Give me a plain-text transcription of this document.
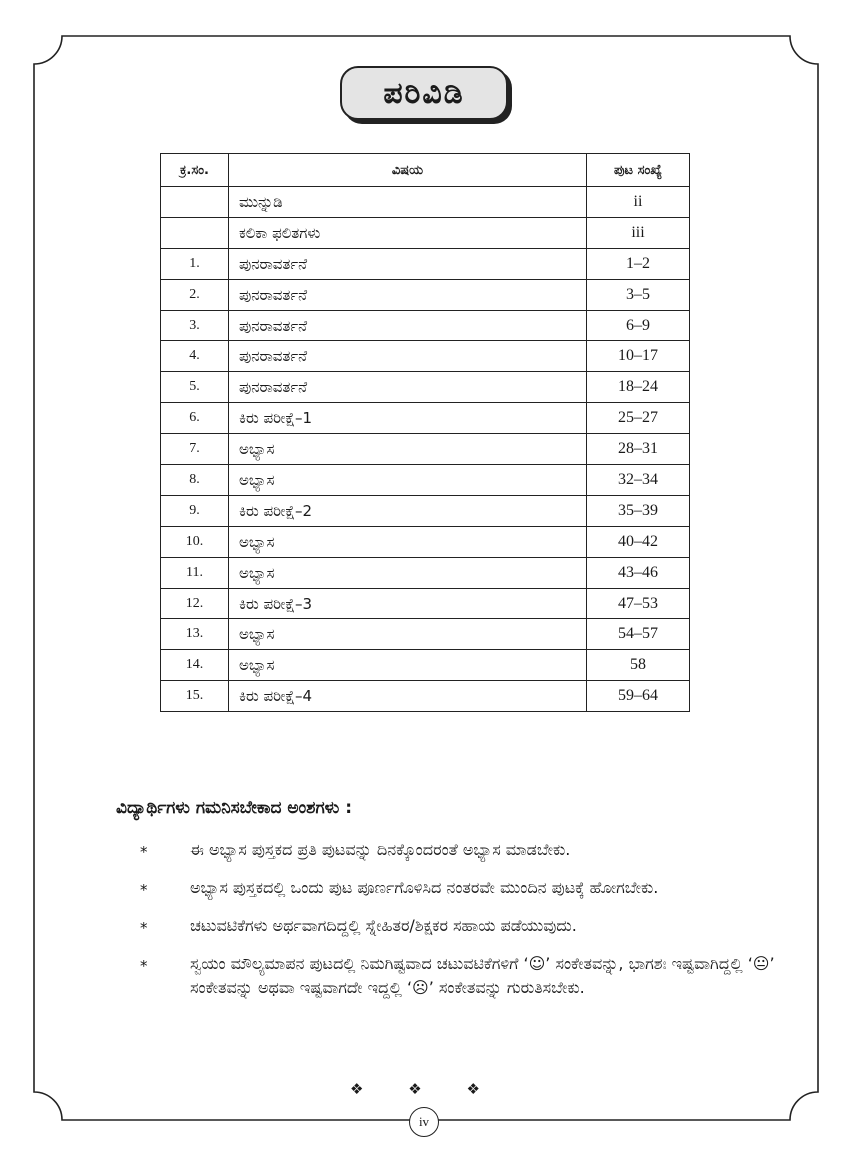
ಪರಿವಿಡಿ
ಕ್ರ.ಸಂ.	ವಿಷಯ	ಪುಟ ಸಂಖ್ಯೆ
	ಮುನ್ನುಡಿ	ii
	ಕಲಿಕಾ ಫಲಿತಗಳು	iii
1.	ಪುನರಾವರ್ತನೆ	1–2
2.	ಪುನರಾವರ್ತನೆ	3–5
3.	ಪುನರಾವರ್ತನೆ	6–9
4.	ಪುನರಾವರ್ತನೆ	10–17
5.	ಪುನರಾವರ್ತನೆ	18–24
6.	ಕಿರು ಪರೀಕ್ಷೆ–1	25–27
7.	ಅಭ್ಯಾಸ	28–31
8.	ಅಭ್ಯಾಸ	32–34
9.	ಕಿರು ಪರೀಕ್ಷೆ–2	35–39
10.	ಅಭ್ಯಾಸ	40–42
11.	ಅಭ್ಯಾಸ	43–46
12.	ಕಿರು ಪರೀಕ್ಷೆ–3	47–53
13.	ಅಭ್ಯಾಸ	54–57
14.	ಅಭ್ಯಾಸ	58
15.	ಕಿರು ಪರೀಕ್ಷೆ–4	59–64
ವಿದ್ಯಾರ್ಥಿಗಳು ಗಮನಿಸಬೇಕಾದ ಅಂಶಗಳು :
*	ಈ ಅಭ್ಯಾಸ ಪುಸ್ತಕದ ಪ್ರತಿ ಪುಟವನ್ನು ದಿನಕ್ಕೊಂದರಂತೆ ಅಭ್ಯಾಸ ಮಾಡಬೇಕು.
*	ಅಭ್ಯಾಸ ಪುಸ್ತಕದಲ್ಲಿ ಒಂದು ಪುಟ ಪೂರ್ಣಗೊಳಿಸಿದ ನಂತರವೇ ಮುಂದಿನ ಪುಟಕ್ಕೆ ಹೋಗಬೇಕು.
*	ಚಟುವಟಿಕೆಗಳು ಅರ್ಥವಾಗದಿದ್ದಲ್ಲಿ ಸ್ನೇಹಿತರ/ಶಿಕ್ಷಕರ ಸಹಾಯ ಪಡೆಯುವುದು.
*	ಸ್ವಯಂ ಮೌಲ್ಯಮಾಪನ ಪುಟದಲ್ಲಿ ನಿಮಗಿಷ್ಟವಾದ ಚಟುವಟಿಕೆಗಳಿಗೆ ‘☺’ ಸಂಕೇತವನ್ನು, ಭಾಗಶಃ ಇಷ್ಟವಾಗಿದ್ದಲ್ಲಿ ‘😐’ ಸಂಕೇತವನ್ನು ಅಥವಾ ಇಷ್ಟವಾಗದೇ ಇದ್ದಲ್ಲಿ ‘☹’ ಸಂಕೇತವನ್ನು ಗುರುತಿಸಬೇಕು.
❖ ❖ ❖
iv
